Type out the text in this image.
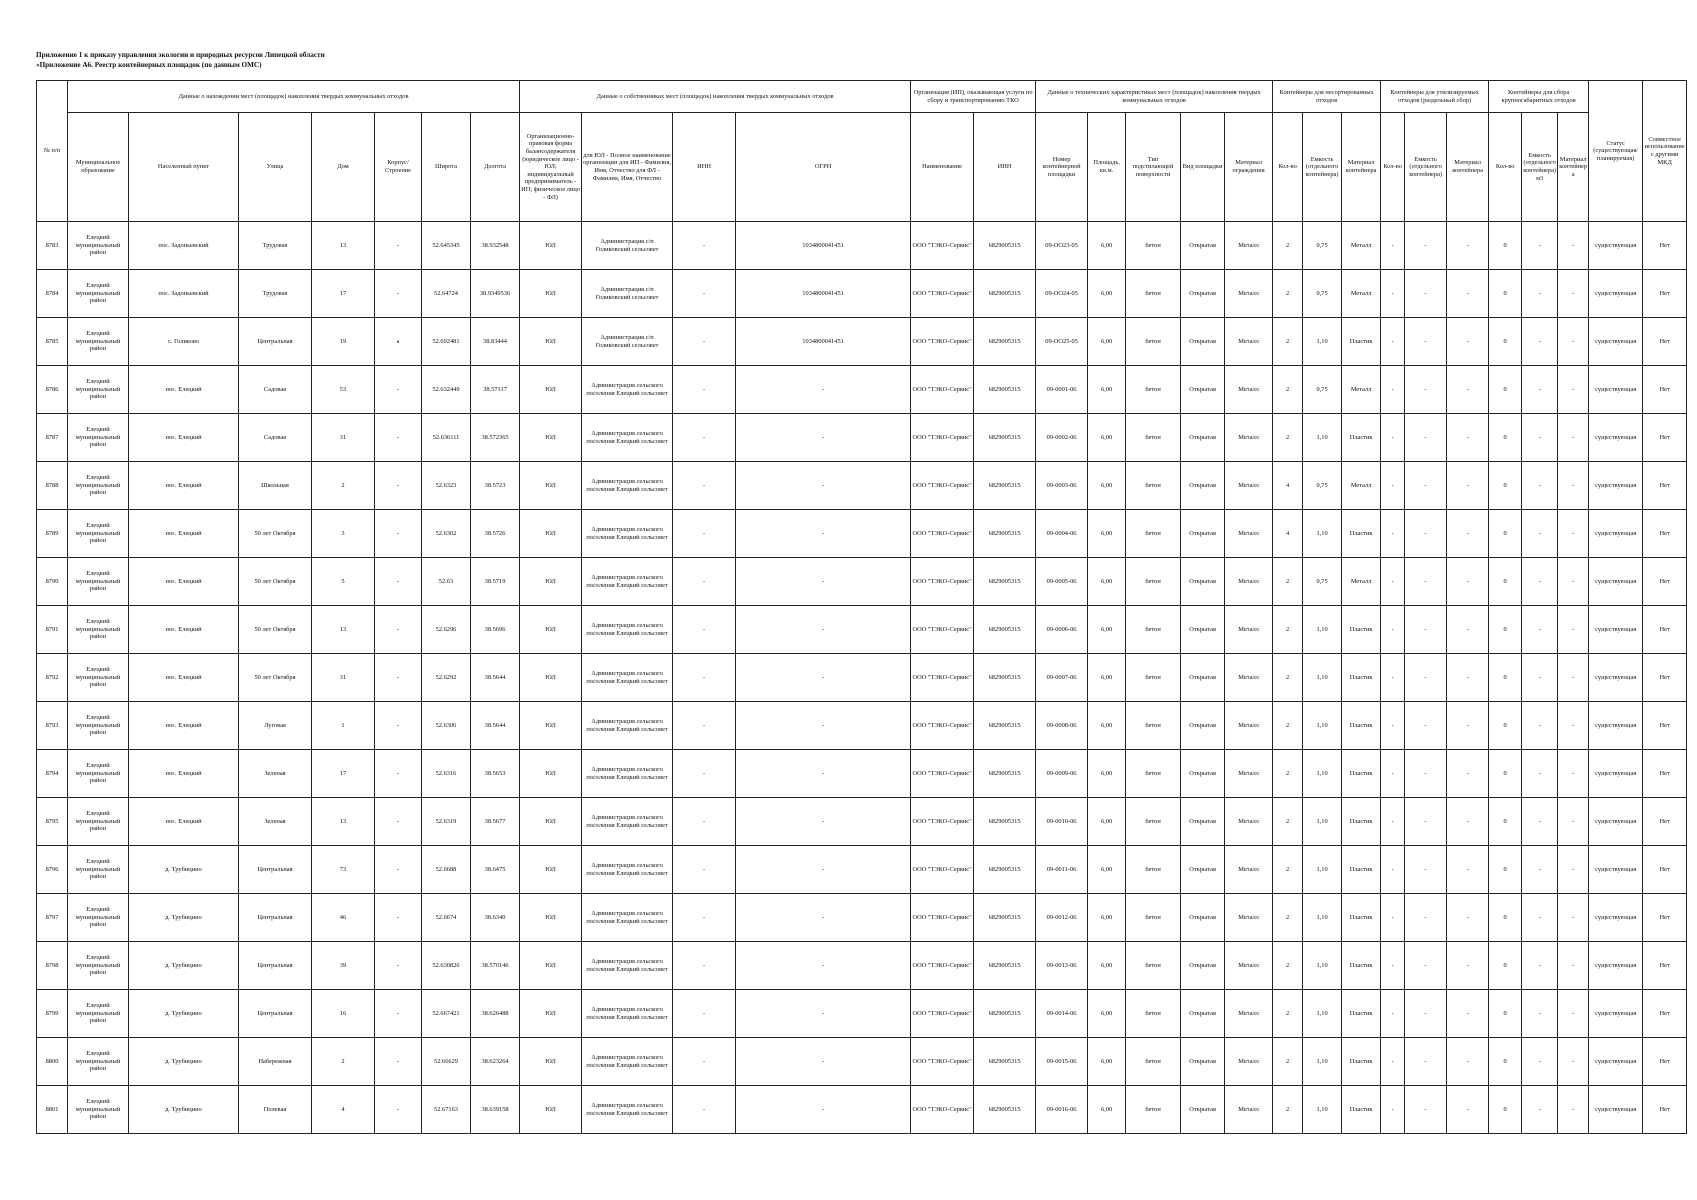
Приложение 1 к приказу управления экологии и природных ресурсов Липецкой области
«Приложение А6. Реестр контейнерных площадок (по данным ОМС)
№ п/п	Данные о нахождении мест (площадок) накопления твердых коммунальных отходов							Данные о собственниках мест (площадок) накопления твердых коммунальных отходов				Организация (ИП), оказывающая услуги по сбору и транспортированию ТКО		Данные о технических характеристиках мест (площадок) накопления твердых коммунальных отходов					Контейнеры для несортированных отходов			Контейнеры для утилизируемых отходов (раздельный сбор)			Контейнеры для сбора крупногабаритных отходов			Статус (существующая/ планируемая)	Совместное использование с другими МКД
	Муниципальное образование	Населенный пункт	Улица	Дом	Корпус/Строение	Широта	Долгота	Организационно-правовая форма балансодержателя (юридическое лицо - ЮЛ; индивидуальный предприниматель - ИП; физическое лицо - ФЛ)	для ЮЛ - Полное наименование организации для ИП - Фамилия, Имя, Отчество для ФЛ - Фамилия, Имя, Отчество	ИНН	ОГРН	Наименование	ИНН	Номер контейнерной площадки	Площадь, кв.м.	Тип подстилающей поверхности	Вид площадки	Материал ограждения	Кол-во	Емкость (отдельного контейнера)	Материал контейнера	Кол-во	Емкость (отдельного контейнера)	Материал контейнера	Кол-во	Емкость (отдельного контейнера) м3	Материал контейнера		
8783	Елецкий муниципальный район	пос. Задоньевский	Трудовая	13	-	52.645345	38.932548	ЮЛ	Администрация с/п Голиковский сельсовет	-	1034800041451	ООО "ТЭКО-Сервис"	6829005315	09-ОО23-05	6,00	бетон	Открытая	Металл	2	0,75	Металл	-	-	-	0	-	-	существующая	Нет
8784	Елецкий муниципальный район	пос. Задоньевский	Трудовая	17	-	52.64724	38.9349536	ЮЛ	Администрация с/п Голиковский сельсовет	-	1034800041451	ООО "ТЭКО-Сервис"	6829005315	09-ОО24-05	6,00	бетон	Открытая	Металл	2	0,75	Металл	-	-	-	0	-	-	существующая	Нет
8785	Елецкий муниципальный район	с. Голиково	Центральная	19	а	52.692481	38.83444	ЮЛ	Администрация с/п Голиковский сельсовет	-	1034800041451	ООО "ТЭКО-Сервис"	6829005315	09-ОО25-05	6,00	бетон	Открытая	Металл	2	1,10	Пластик	-	-	-	0	-	-	существующая	Нет
8786	Елецкий муниципальный район	пос. Елецкий	Садовая	53	-	52.632449	38.57117	ЮЛ	Администрация сельского поселения Елецкий сельсовет	-	-	ООО "ТЭКО-Сервис"	6829005315	09-0001-06	6,00	бетон	Открытая	Металл	2	0,75	Металл	-	-	-	0	-	-	существующая	Нет
8787	Елецкий муниципальный район	пос. Елецкий	Садовая	31	-	52.636111	38.572365	ЮЛ	Администрация сельского поселения Елецкий сельсовет	-	-	ООО "ТЭКО-Сервис"	6829005315	09-0002-06	6,00	бетон	Открытая	Металл	2	1,10	Пластик	-	-	-	0	-	-	существующая	Нет
8788	Елецкий муниципальный район	пос. Елецкий	Школьная	2	-	52.6323	38.5723	ЮЛ	Администрация сельского поселения Елецкий сельсовет	-	-	ООО "ТЭКО-Сервис"	6829005315	09-0003-06	6,00	бетон	Открытая	Металл	4	0,75	Металл	-	-	-	0	-	-	существующая	Нет
8789	Елецкий муниципальный район	пос. Елецкий	50 лет Октября	3	-	52.6302	38.5726	ЮЛ	Администрация сельского поселения Елецкий сельсовет	-	-	ООО "ТЭКО-Сервис"	6829005315	09-0004-06	6,00	бетон	Открытая	Металл	4	1,10	Пластик	-	-	-	0	-	-	существующая	Нет
8790	Елецкий муниципальный район	пос. Елецкий	50 лет Октября	5	-	52.63	38.5719	ЮЛ	Администрация сельского поселения Елецкий сельсовет	-	-	ООО "ТЭКО-Сервис"	6829005315	09-0005-06	6,00	бетон	Открытая	Металл	2	0,75	Металл	-	-	-	0	-	-	существующая	Нет
8791	Елецкий муниципальный район	пос. Елецкий	50 лет Октября	13	-	52.6296	38.5696	ЮЛ	Администрация сельского поселения Елецкий сельсовет	-	-	ООО "ТЭКО-Сервис"	6829005315	09-0006-06	6,00	бетон	Открытая	Металл	2	1,10	Пластик	-	-	-	0	-	-	существующая	Нет
8792	Елецкий муниципальный район	пос. Елецкий	50 лет Октября	31	-	52.6292	38.5644	ЮЛ	Администрация сельского поселения Елецкий сельсовет	-	-	ООО "ТЭКО-Сервис"	6829005315	09-0007-06	6,00	бетон	Открытая	Металл	2	1,10	Пластик	-	-	-	0	-	-	существующая	Нет
8793	Елецкий муниципальный район	пос. Елецкий	Луговая	1	-	52.6306	38.5644	ЮЛ	Администрация сельского поселения Елецкий сельсовет	-	-	ООО "ТЭКО-Сервис"	6829005315	09-0008-06	6,00	бетон	Открытая	Металл	2	1,10	Пластик	-	-	-	0	-	-	существующая	Нет
8794	Елецкий муниципальный район	пос. Елецкий	Зеленая	17	-	52.6316	38.5653	ЮЛ	Администрация сельского поселения Елецкий сельсовет	-	-	ООО "ТЭКО-Сервис"	6829005315	09-0009-06	6,00	бетон	Открытая	Металл	2	1,10	Пластик	-	-	-	0	-	-	существующая	Нет
8795	Елецкий муниципальный район	пос. Елецкий	Зеленая	13	-	52.6319	38.5677	ЮЛ	Администрация сельского поселения Елецкий сельсовет	-	-	ООО "ТЭКО-Сервис"	6829005315	09-0010-06	6,00	бетон	Открытая	Металл	2	1,10	Пластик	-	-	-	0	-	-	существующая	Нет
8796	Елецкий муниципальный район	д. Трубицино	Центральная	73	-	52.6688	38.6475	ЮЛ	Администрация сельского поселения Елецкий сельсовет	-	-	ООО "ТЭКО-Сервис"	6829005315	09-0011-06	6,00	бетон	Открытая	Металл	2	1,10	Пластик	-	-	-	0	-	-	существующая	Нет
8797	Елецкий муниципальный район	д. Трубицино	Центральная	46	-	52.6674	38.6340	ЮЛ	Администрация сельского поселения Елецкий сельсовет	-	-	ООО "ТЭКО-Сервис"	6829005315	09-0012-06	6,00	бетон	Открытая	Металл	2	1,10	Пластик	-	-	-	0	-	-	существующая	Нет
8798	Елецкий муниципальный район	д. Трубицино	Центральная	39	-	52.630826	38.570146	ЮЛ	Администрация сельского поселения Елецкий сельсовет	-	-	ООО "ТЭКО-Сервис"	6829005315	09-0013-06	6,00	бетон	Открытая	Металл	2	1,10	Пластик	-	-	-	0	-	-	существующая	Нет
8799	Елецкий муниципальный район	д. Трубицино	Центральная	16	-	52.667421	38.626488	ЮЛ	Администрация сельского поселения Елецкий сельсовет	-	-	ООО "ТЭКО-Сервис"	6829005315	09-0014-06	6,00	бетон	Открытая	Металл	2	1,10	Пластик	-	-	-	0	-	-	существующая	Нет
8800	Елецкий муниципальный район	д. Трубицино	Набережная	2	-	52.66629	38.623264	ЮЛ	Администрация сельского поселения Елецкий сельсовет	-	-	ООО "ТЭКО-Сервис"	6829005315	09-0015-06	6,00	бетон	Открытая	Металл	2	1,10	Пластик	-	-	-	0	-	-	существующая	Нет
8801	Елецкий муниципальный район	д. Трубицино	Полевая	4	-	52.67163	38.639158	ЮЛ	Администрация сельского поселения Елецкий сельсовет	-	-	ООО "ТЭКО-Сервис"	6829005315	09-0016-06	6,00	бетон	Открытая	Металл	2	1,10	Пластик	-	-	-	0	-	-	существующая	Нет
